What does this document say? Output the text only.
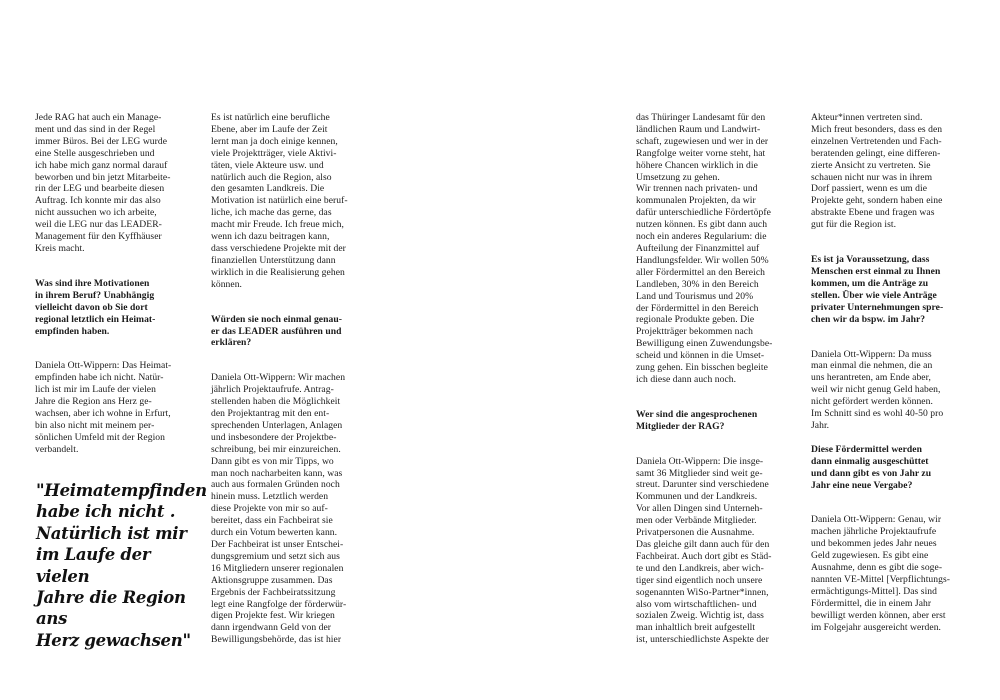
Jede RAG hat auch ein Manage-
ment und das sind in der Regel
immer Büros. Bei der LEG wurde
eine Stelle ausgeschrieben und
ich habe mich ganz normal darauf
beworben und bin jetzt Mitarbeite-
rin der LEG und bearbeite diesen
Auftrag. Ich konnte mir das also
nicht aussuchen wo ich arbeite,
weil die LEG nur das LEADER-
Management für den Kyffhäuser
Kreis macht.

Was sind ihre Motivationen
in ihrem Beruf? Unabhängig
vielleicht davon ob Sie dort
regional letztlich ein Heimat-
empfinden haben.

Daniela Ott-Wippern: Das Heimat-
empfinden habe ich nicht. Natür-
lich ist mir im Laufe der vielen
Jahre die Region ans Herz ge-
wachsen, aber ich wohne in Erfurt,
bin also nicht mit meinem per-
sönlichen Umfeld mit der Region
verbandelt.

"Heimatempfinden
habe ich nicht .
Natürlich ist mir
im Laufe der vielen
Jahre die Region ans
Herz gewachsen"

Es ist natürlich eine berufliche
Ebene, aber im Laufe der Zeit
lernt man ja doch einige kennen,
viele Projektträger, viele Aktivi-
täten, viele Akteure usw. und
natürlich auch die Region, also
den gesamten Landkreis. Die
Motivation ist natürlich eine beruf-
liche, ich mache das gerne, das
macht mir Freude. Ich freue mich,
wenn ich dazu beitragen kann,
dass verschiedene Projekte mit der
finanziellen Unterstützung dann
wirklich in die Realisierung gehen
können.

Würden sie noch einmal genau-
er das LEADER ausführen und
erklären?

Daniela Ott-Wippern: Wir machen
jährlich Projektaufrufe. Antrag-
stellenden haben die Möglichkeit
den Projektantrag mit den ent-
sprechenden Unterlagen, Anlagen
und insbesondere der Projektbe-
schreibung, bei mir einzureichen.
Dann gibt es von mir Tipps, wo
man noch nacharbeiten kann, was
auch aus formalen Gründen noch
hinein muss. Letztlich werden
diese Projekte von mir so auf-
bereitet, dass ein Fachbeirat sie
durch ein Votum bewerten kann.
Der Fachbeirat ist unser Entschei-
dungsgremium und setzt sich aus
16 Mitgliedern unserer regionalen
Aktionsgruppe zusammen. Das
Ergebnis der Fachbeiratssitzung
legt eine Rangfolge der förderwür-
digen Projekte fest. Wir kriegen
dann irgendwann Geld von der
Bewilligungsbehörde, das ist hier

das Thüringer Landesamt für den
ländlichen Raum und Landwirt-
schaft, zugewiesen und wer in der
Rangfolge weiter vorne steht, hat
höhere Chancen wirklich in die
Umsetzung zu gehen.
Wir trennen nach privaten- und
kommunalen Projekten, da wir
dafür unterschiedliche Fördertöpfe
nutzen können. Es gibt dann auch
noch ein anderes Regularium: die
Aufteilung der Finanzmittel auf
Handlungsfelder. Wir wollen 50%
aller Fördermittel an den Bereich
Landleben, 30% in den Bereich
Land und Tourismus und 20%
der Fördermittel in den Bereich
regionale Produkte geben. Die
Projektträger bekommen nach
Bewilligung einen Zuwendungsbe-
scheid und können in die Umset-
zung gehen. Ein bisschen begleite
ich diese dann auch noch.

Wer sind die angesprochenen
Mitglieder der RAG?

Daniela Ott-Wippern: Die insge-
samt 36 Mitglieder sind weit ge-
streut. Darunter sind verschiedene
Kommunen und der Landkreis.
Vor allen Dingen sind Unterneh-
men oder Verbände Mitglieder.
Privatpersonen die Ausnahme.
Das gleiche gilt dann auch für den
Fachbeirat. Auch dort gibt es Städ-
te und den Landkreis, aber wich-
tiger sind eigentlich noch unsere
sogenannten WiSo-Partner*innen,
also vom wirtschaftlichen- und
sozialen Zweig. Wichtig ist, dass
man inhaltlich breit aufgestellt
ist, unterschiedlichste Aspekte der

Akteur*innen vertreten sind.
Mich freut besonders, dass es den
einzelnen Vertretenden und Fach-
beratenden gelingt, eine differen-
zierte Ansicht zu vertreten. Sie
schauen nicht nur was in ihrem
Dorf passiert, wenn es um die
Projekte geht, sondern haben eine
abstrakte Ebene und fragen was
gut für die Region ist.

Es ist ja Voraussetzung, dass
Menschen erst einmal zu Ihnen
kommen, um die Anträge zu
stellen. Über wie viele Anträge
privater Unternehmungen spre-
chen wir da bspw. im Jahr?

Daniela Ott-Wippern: Da muss
man einmal die nehmen, die an
uns herantreten, am Ende aber,
weil wir nicht genug Geld haben,
nicht gefördert werden können.
Im Schnitt sind es wohl 40-50 pro
Jahr.

Diese Fördermittel werden
dann einmalig ausgeschüttet
und dann gibt es von Jahr zu
Jahr eine neue Vergabe?

Daniela Ott-Wippern: Genau, wir
machen jährliche Projektaufrufe
und bekommen jedes Jahr neues
Geld zugewiesen. Es gibt eine
Ausnahme, denn es gibt die soge-
nannten VE-Mittel [Verpflichtungs-
ermächtigungs-Mittel]. Das sind
Fördermittel, die in einem Jahr
bewilligt werden können, aber erst
im Folgejahr ausgereicht werden.
